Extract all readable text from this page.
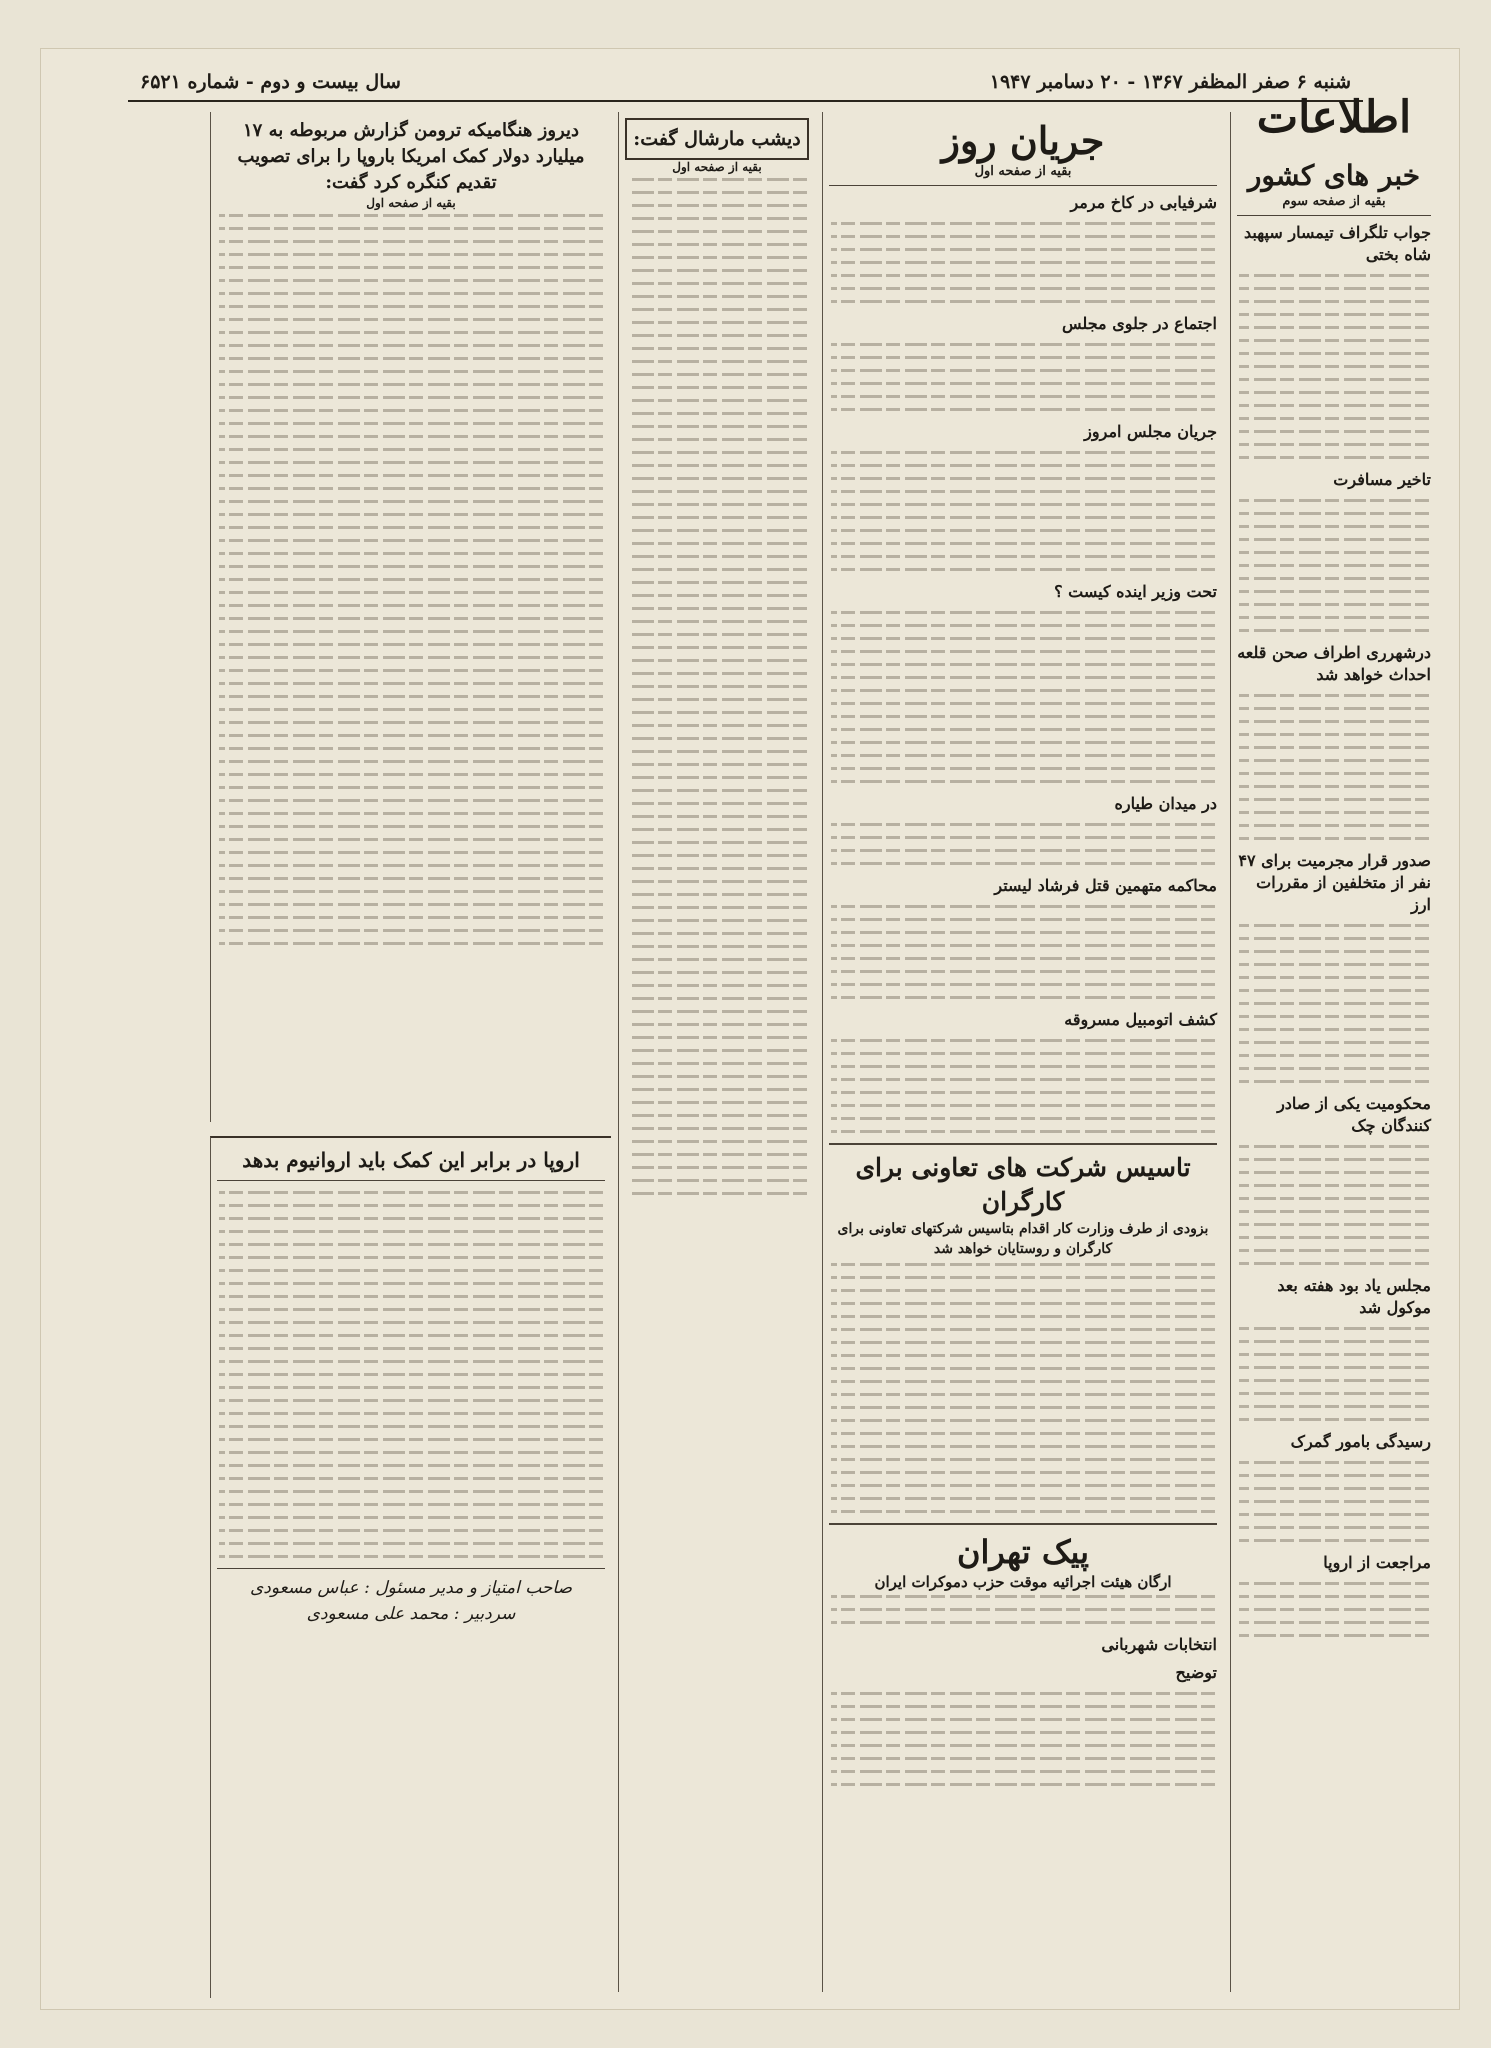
شنبه ۶ صفر المظفر ۱۳۶۷ - ۲۰ دسامبر ۱۹۴۷
سال بیست و دوم - شماره ۶۵۲۱
اطلاعات
خبر های کشور
بقیه از صفحه سوم
جواب تلگراف تیمسار سپهبد شاه بختی
تاخیر مسافرت
درشهرری اطراف صحن قلعه احداث خواهد شد
صدور قرار مجرمیت برای ۴۷ نفر از متخلفین از مقررات ارز
محکومیت یکی از صادر کنندگان چک
مجلس یاد بود هفته بعد موکول شد
رسیدگی بامور گمرک
مراجعت از اروپا
جریان روز
بقیه از صفحه اول
شرفیابی در کاخ مرمر
اجتماع در جلوی مجلس
جریان مجلس امروز
تحت وزیر اینده کیست ؟
در میدان طیاره
محاکمه متهمین قتل فرشاد لیستر
کشف اتومبیل مسروقه
تاسیس شرکت های تعاونی برای کارگران
بزودی از طرف وزارت کار اقدام بتاسیس شرکتهای تعاونی برای کارگران و روستایان خواهد شد
پیک تهران
ارگان هیئت اجرائیه موقت حزب دموکرات ایران
انتخابات شهربانی
توضیح
دیشب مارشال گفت:
بقیه از صفحه اول
دیروز هنگامیکه ترومن گزارش مربوطه به ۱۷ میلیارد دولار کمک امریکا باروپا را برای تصویب تقدیم کنگره کرد گفت:
بقیه از صفحه اول
اروپا در برابر این کمک باید اروانیوم بدهد
صاحب امتیاز و مدیر مسئول : عباس مسعودی
سردبیر : محمد علی مسعودی
